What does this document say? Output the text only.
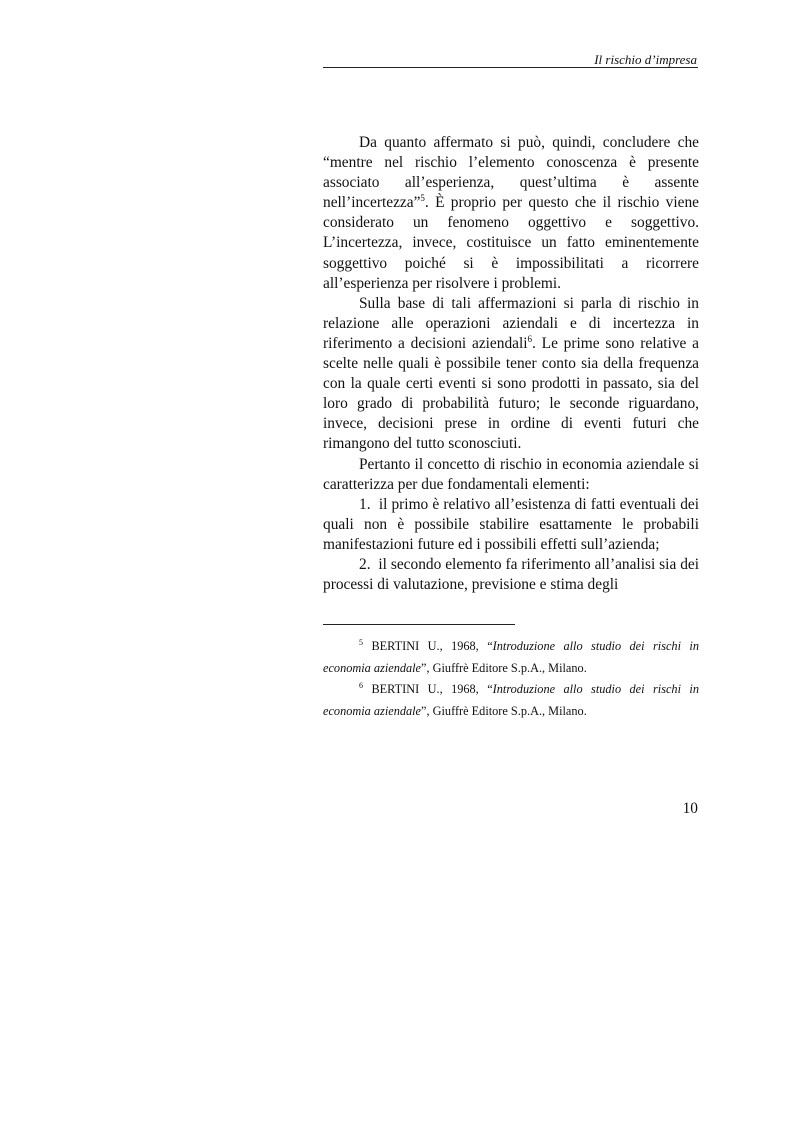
Il rischio d’impresa

Da quanto affermato si può, quindi, concludere che “mentre nel rischio l’elemento conoscenza è presente associato all’esperienza, quest’ultima è assente nell’incertezza”$^5$. È proprio per questo che il rischio viene considerato un fenomeno oggettivo e soggettivo. L’incertezza, invece, costituisce un fatto eminentemente soggettivo poiché si è impossibilitati a ricorrere all’esperienza per risolvere i problemi.

Sulla base di tali affermazioni si parla di rischio in relazione alle operazioni aziendali e di incertezza in riferimento a decisioni aziendali$^6$. Le prime sono relative a scelte nelle quali è possibile tener conto sia della frequenza con la quale certi eventi si sono prodotti in passato, sia del loro grado di probabilità futuro; le seconde riguardano, invece, decisioni prese in ordine di eventi futuri che rimangono del tutto sconosciuti.

Pertanto il concetto di rischio in economia aziendale si caratterizza per due fondamentali elementi:

1. il primo è relativo all’esistenza di fatti eventuali dei quali non è possibile stabilire esattamente le probabili manifestazioni future ed i possibili effetti sull’azienda;

2. il secondo elemento fa riferimento all’analisi sia dei processi di valutazione, previsione e stima degli

$^5$ BERTINI U., 1968, “Introduzione allo studio dei rischi in economia aziendale”, Giuffrè Editore S.p.A., Milano.

$^6$ BERTINI U., 1968, “Introduzione allo studio dei rischi in economia aziendale”, Giuffrè Editore S.p.A., Milano.

10
